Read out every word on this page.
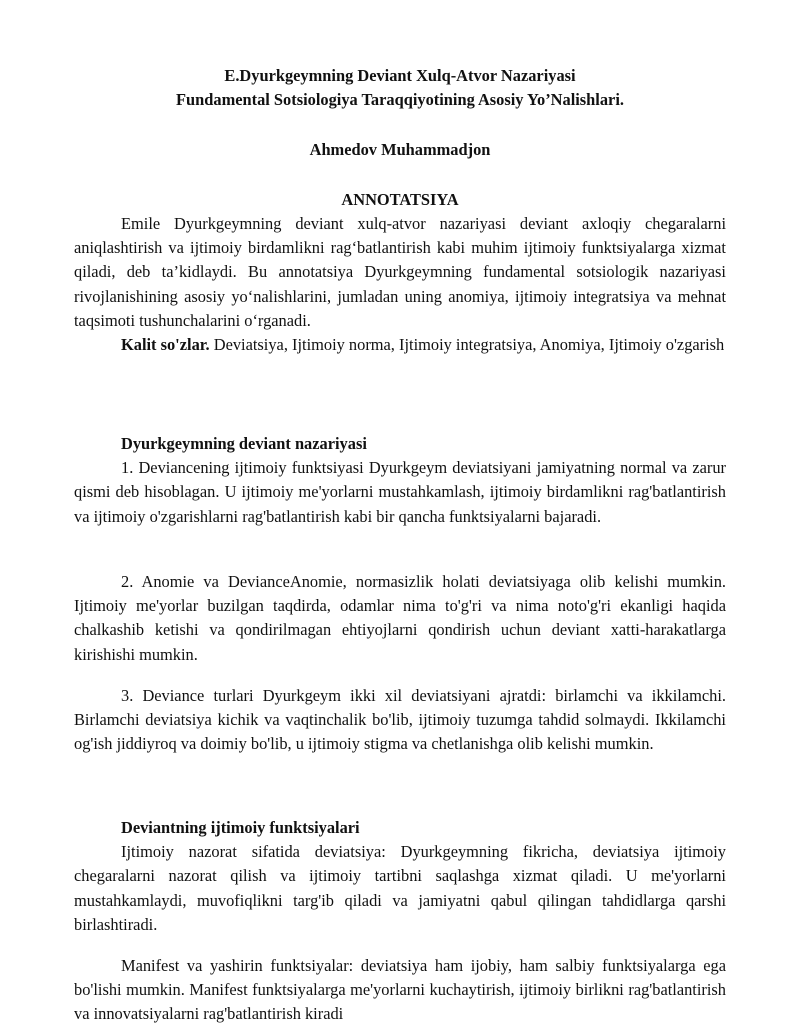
E.Dyurkgeymning Deviant Xulq-Atvor Nazariyasi

Fundamental Sotsiologiya Taraqqiyotining Asosiy Yo’Nalishlari.

Ahmedov Muhammadjon

ANNOTATSIYA

Emile Dyurkgeymning deviant xulq-atvor nazariyasi deviant axloqiy chegaralarni aniqlashtirish va ijtimoiy birdamlikni rag‘batlantirish kabi muhim ijtimoiy funktsiyalarga xizmat qiladi, deb ta’kidlaydi. Bu annotatsiya Dyurkgeymning fundamental sotsiologik nazariyasi rivojlanishining asosiy yo‘nalishlarini, jumladan uning anomiya, ijtimoiy integratsiya va mehnat taqsimoti tushunchalarini o‘rganadi.

Kalit so'zlar. Deviatsiya, Ijtimoiy norma, Ijtimoiy integratsiya, Anomiya, Ijtimoiy o'zgarish

Dyurkgeymning deviant nazariyasi

1. Deviancening ijtimoiy funktsiyasi Dyurkgeym deviatsiyani jamiyatning normal va zarur qismi deb hisoblagan. U ijtimoiy me'yorlarni mustahkamlash, ijtimoiy birdamlikni rag'batlantirish va ijtimoiy o'zgarishlarni rag'batlantirish kabi bir qancha funktsiyalarni bajaradi.

2. Anomie va DevianceAnomie, normasizlik holati deviatsiyaga olib kelishi mumkin. Ijtimoiy me'yorlar buzilgan taqdirda, odamlar nima to'g'ri va nima noto'g'ri ekanligi haqida chalkashib ketishi va qondirilmagan ehtiyojlarni qondirish uchun deviant xatti-harakatlarga kirishishi mumkin.

3. Deviance turlari Dyurkgeym ikki xil deviatsiyani ajratdi: birlamchi va ikkilamchi. Birlamchi deviatsiya kichik va vaqtinchalik bo'lib, ijtimoiy tuzumga tahdid solmaydi. Ikkilamchi og'ish jiddiyroq va doimiy bo'lib, u ijtimoiy stigma va chetlanishga olib kelishi mumkin.

Deviantning ijtimoiy funktsiyalari

Ijtimoiy nazorat sifatida deviatsiya: Dyurkgeymning fikricha, deviatsiya ijtimoiy chegaralarni nazorat qilish va ijtimoiy tartibni saqlashga xizmat qiladi. U me'yorlarni mustahkamlaydi, muvofiqlikni targ'ib qiladi va jamiyatni qabul qilingan tahdidlarga qarshi birlashtiradi.

Manifest va yashirin funktsiyalar: deviatsiya ham ijobiy, ham salbiy funktsiyalarga ega bo'lishi mumkin. Manifest funktsiyalarga me'yorlarni kuchaytirish, ijtimoiy birlikni rag'batlantirish va innovatsiyalarni rag'batlantirish kiradi
